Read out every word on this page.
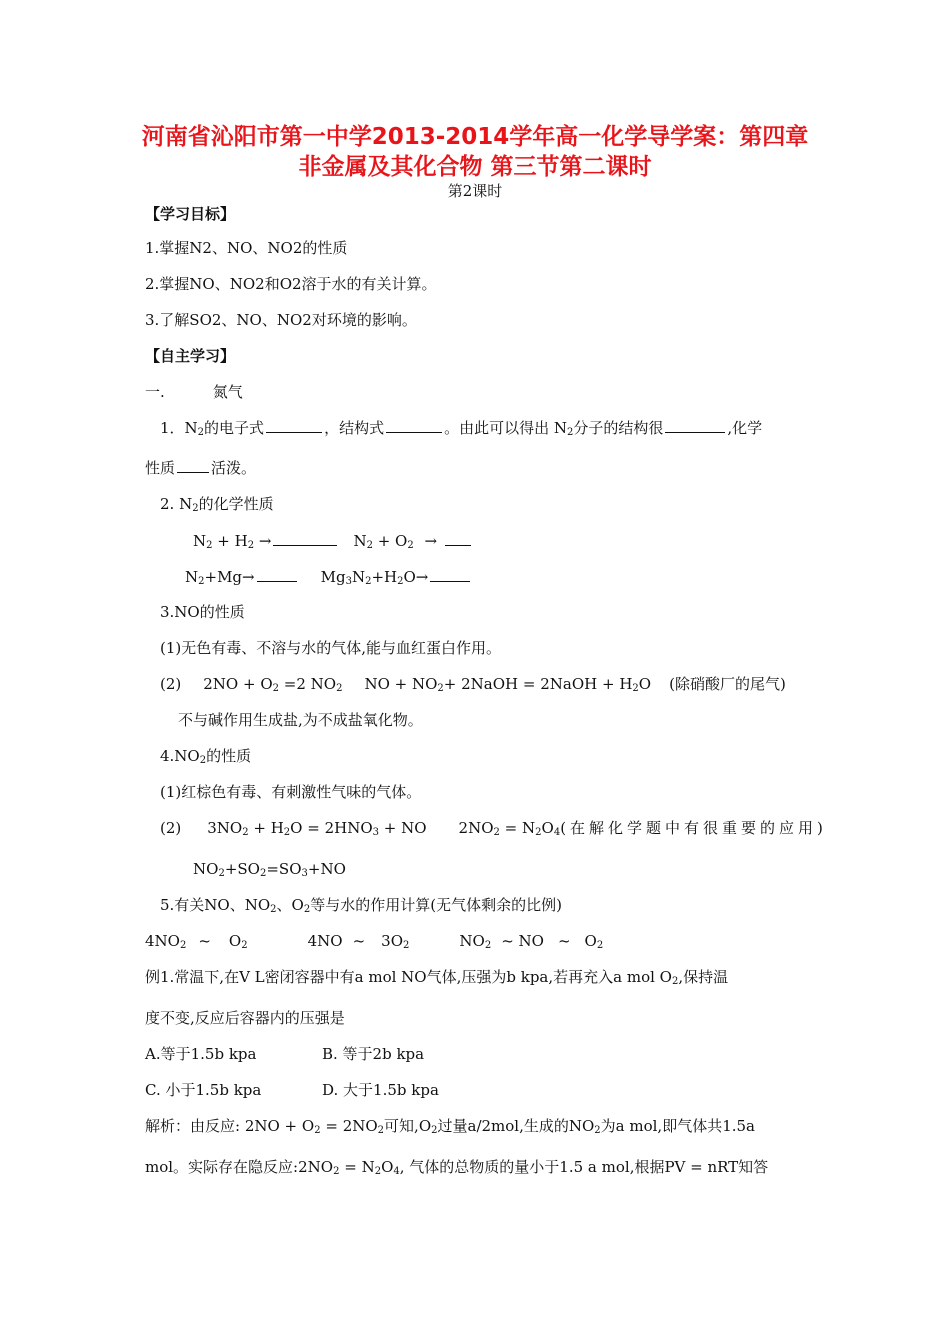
河南省沁阳市第一中学2013-2014学年高一化学导学案：第四章
非金属及其化合物 第三节第二课时
第2课时
【学习目标】
1.掌握N2、NO、NO2的性质
2.掌握NO、NO2和O2溶于水的有关计算。
3.了解SO2、NO、NO2对环境的影响。
【自主学习】
一.	氮气
1．$N_2$的电子式	，结构式	。由此可以得出 $N_2$分子的结构很	,化学
性质 活泼。
2. $N_2$的化学性质
$N_2 + H_2$ →	$N_2 + O_2$ →
$N_2+Mg\to$	$Mg_3N_2+H_2O\to$
3.NO的性质
(1)无色有毒、不溶与水的气体,能与血红蛋白作用。
(2) $2NO + O_2 =2$ $NO_2$ NO + $NO_2+$ 2NaOH = 2NaOH + $H_2O$ (除硝酸厂的尾气)
不与碱作用生成盐,为不成盐氧化物。
$4.NO_2$的性质
(1)红棕色有毒、有刺激性气味的气体。
(2) $3NO_2 + H_2O = 2HNO_3$ + NO $2NO_2 = N_2O_4$(在解化学题中有很重要的应用)
$NO_2+SO_2=SO_3+NO$
5.有关NO、$NO_2$、$O_2$等与水的作用计算(无气体剩余的比例)
$4NO_2$ ~ $O_2$	4NO ~ $3O_2$	$NO_2$ ~ NO ~ $O_2$
例1.常温下,在V L密闭容器中有a mol NO气体,压强为b kpa,若再充入a mol $O_2$,保持温
度不变,反应后容器内的压强是
A.等于1.5b kpa	B. 等于2b kpa
C. 小于1.5b kpa	D. 大于1.5b kpa
解析：由反应: $2NO + O_2 = 2NO_2$可知$,O_2$过量a/2mol,生成的$NO_2$为a mol,即气体共1.5a
mol。实际存在隐反应$:2NO_2 = N_2O_4$, 气体的总物质的量小于1.5 a mol,根据PV = nRT知答
